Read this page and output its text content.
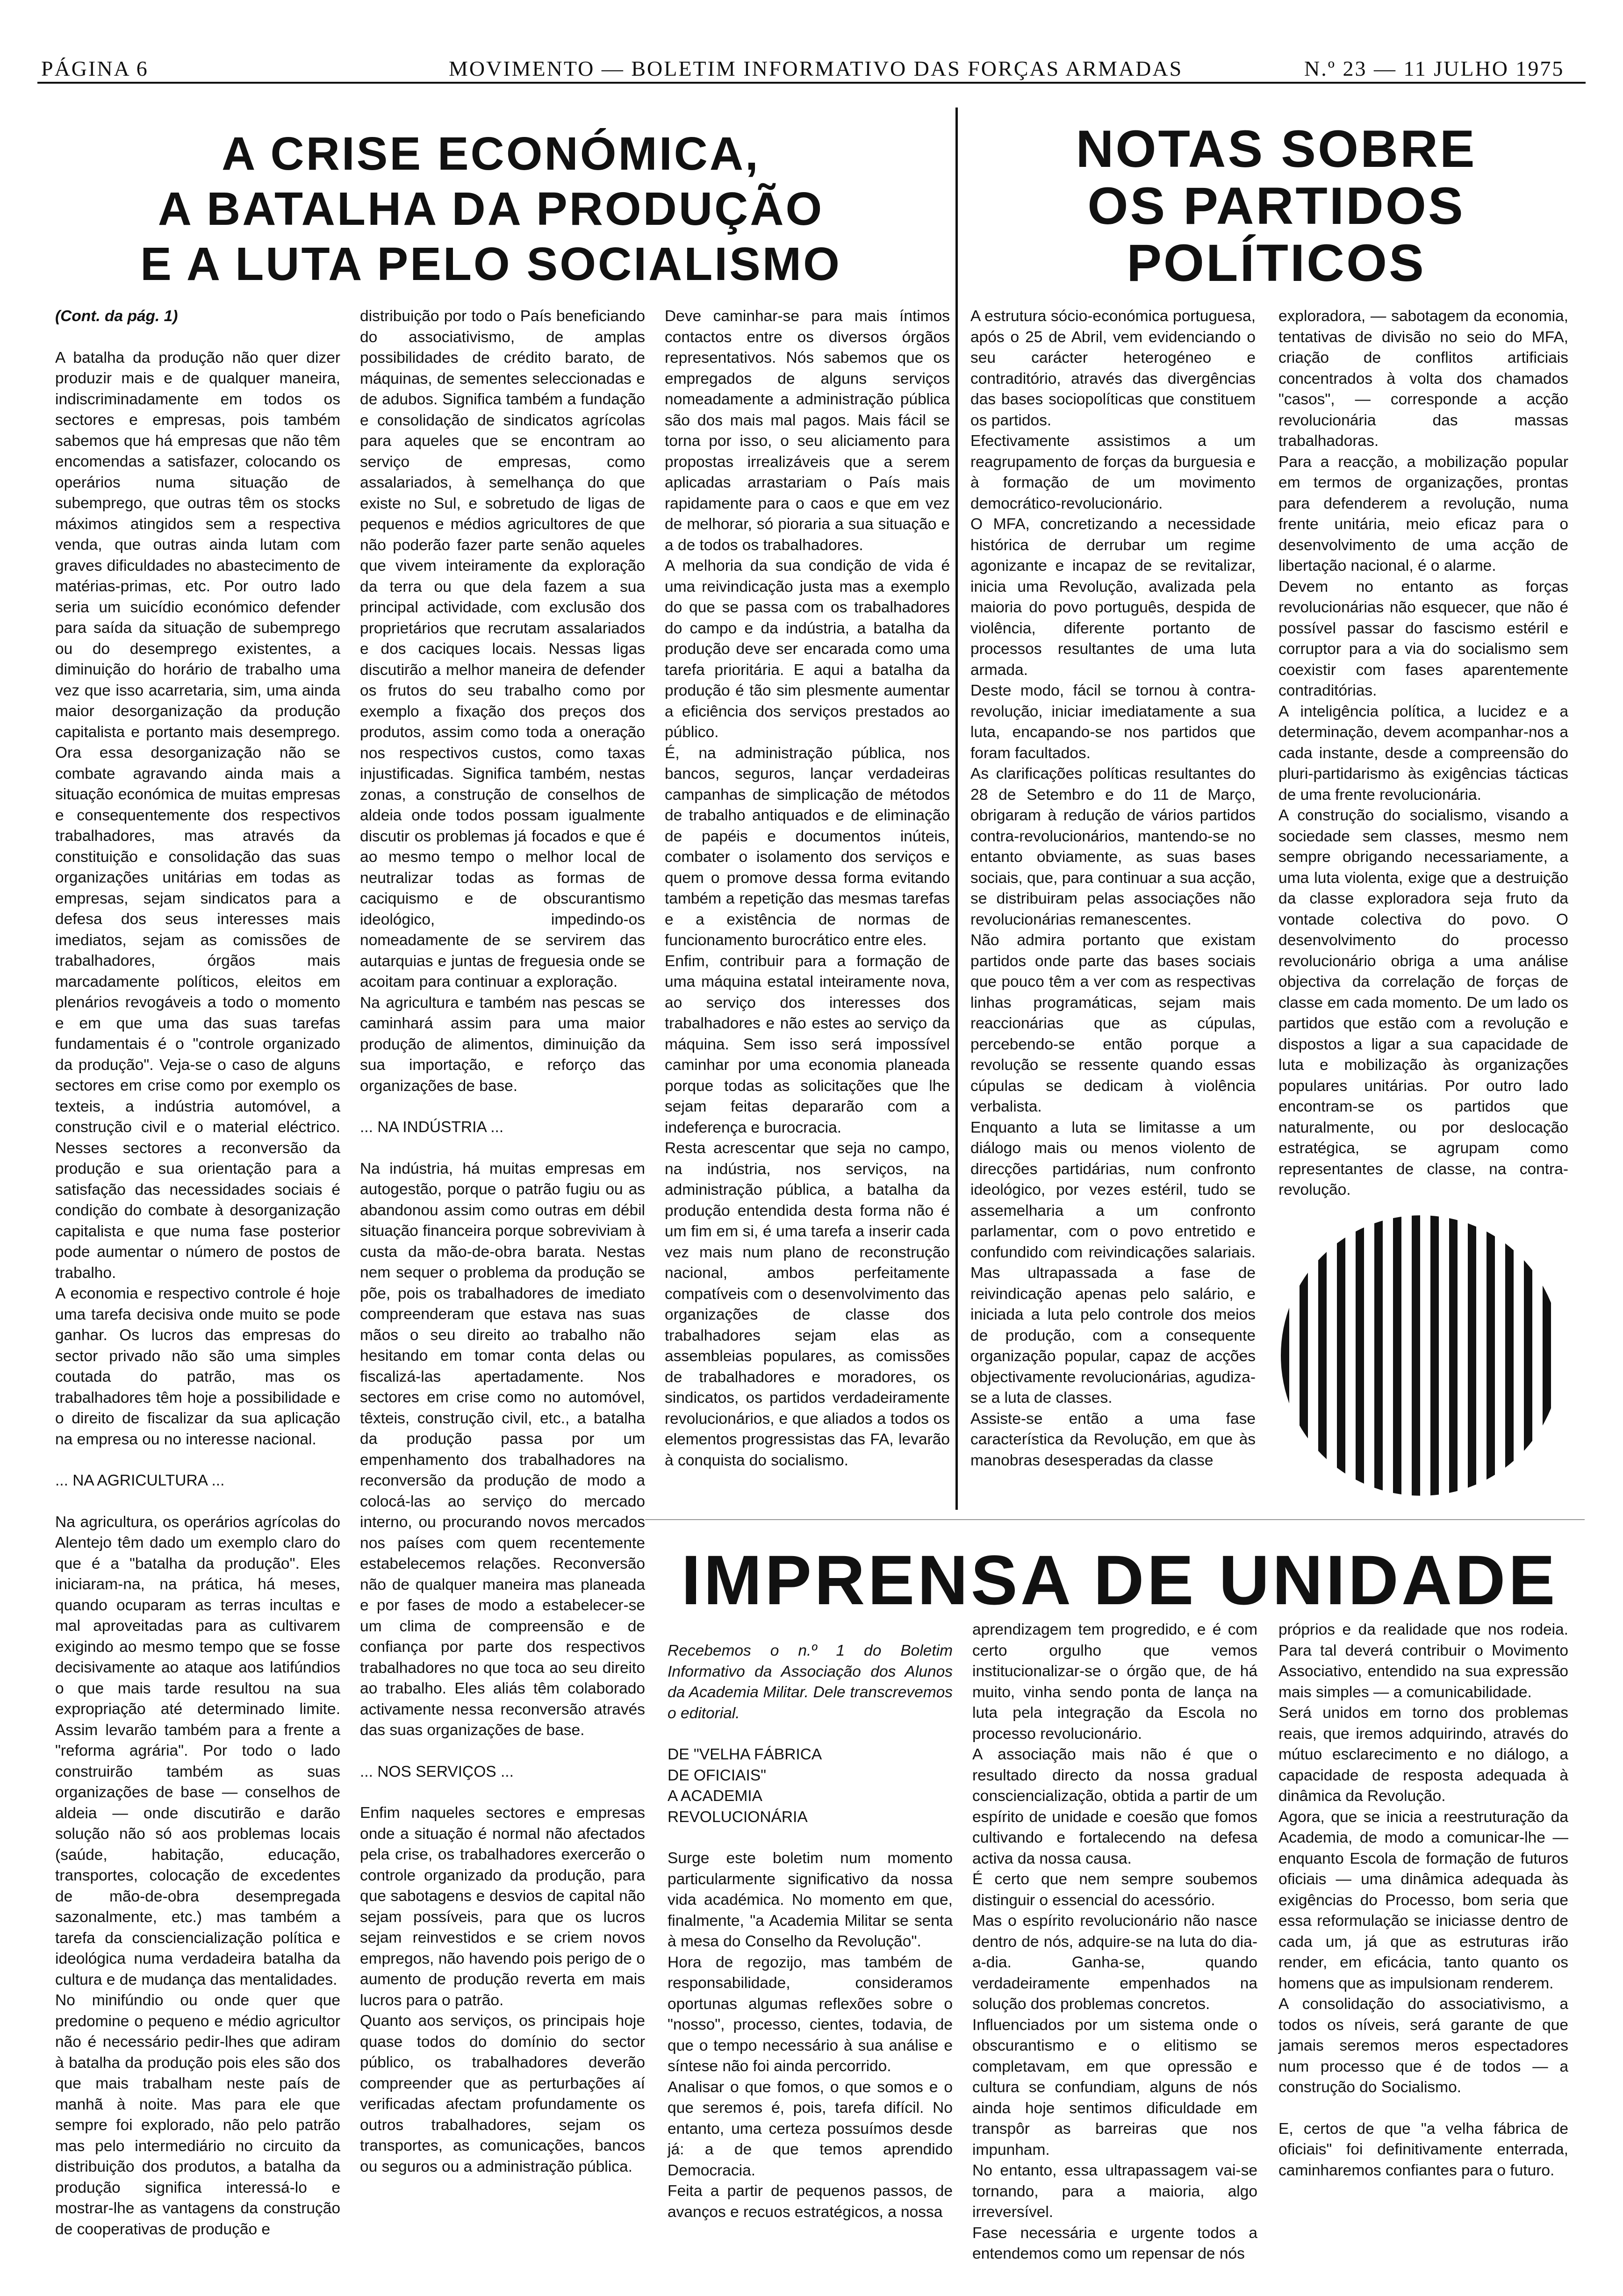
PÁGINA 6	MOVIMENTO — BOLETIM INFORMATIVO DAS FORÇAS ARMADAS	N.º 23 — 11 JULHO 1975
A CRISE ECONÓMICA,
A BATALHA DA PRODUÇÃO
E A LUTA PELO SOCIALISMO

(Cont. da pág. 1)

A batalha da produção não quer dizer produzir mais e de qualquer maneira, indiscriminadamente em todos os sectores e empresas, pois também sabemos que há empresas que não têm encomendas a satisfazer, colocando os operários numa situação de subemprego, que outras têm os stocks máximos atingidos sem a respectiva venda, que outras ainda lutam com graves dificuldades no abastecimento de matérias-primas, etc. Por outro lado seria um suicídio económico defender para saída da situação de subemprego ou do desemprego existentes, a diminuição do horário de trabalho uma vez que isso acarretaria, sim, uma ainda maior desorganização da produção capitalista e portanto mais desemprego. Ora essa desorganização não se combate agravando ainda mais a situação económica de muitas empresas e consequentemente dos respectivos trabalhadores, mas através da constituição e consolidação das suas organizações unitárias em todas as empresas, sejam sindicatos para a defesa dos seus interesses mais imediatos, sejam as comissões de trabalhadores, órgãos mais marcadamente políticos, eleitos em plenários revogáveis a todo o momento e em que uma das suas tarefas fundamentais é o "controle organizado da produção". Veja-se o caso de alguns sectores em crise como por exemplo os texteis, a indústria automóvel, a construção civil e o material eléctrico. Nesses sectores a reconversão da produção e sua orientação para a satisfação das necessidades sociais é condição do combate à desorganização capitalista e que numa fase posterior pode aumentar o número de postos de trabalho.

A economia e respectivo controle é hoje uma tarefa decisiva onde muito se pode ganhar. Os lucros das empresas do sector privado não são uma simples coutada do patrão, mas os trabalhadores têm hoje a possibilidade e o direito de fiscalizar da sua aplicação na empresa ou no interesse nacional.

... NA AGRICULTURA ...

Na agricultura, os operários agrícolas do Alentejo têm dado um exemplo claro do que é a "batalha da produção". Eles iniciaram-na, na prática, há meses, quando ocuparam as terras incultas e mal aproveitadas para as cultivarem exigindo ao mesmo tempo que se fosse decisivamente ao ataque aos latifúndios o que mais tarde resultou na sua expropriação até determinado limite. Assim levarão também para a frente a "reforma agrária". Por todo o lado construirão também as suas organizações de base — conselhos de aldeia — onde discutirão e darão solução não só aos problemas locais (saúde, habitação, educação, transportes, colocação de excedentes de mão-de-obra desempregada sazonalmente, etc.) mas também a tarefa da consciencialização política e ideológica numa verdadeira batalha da cultura e de mudança das mentalidades.

No minifúndio ou onde quer que predomine o pequeno e médio agricultor não é necessário pedir-lhes que adiram à batalha da produção pois eles são dos que mais trabalham neste país de manhã à noite. Mas para ele que sempre foi explorado, não pelo patrão mas pelo intermediário no circuito da distribuição dos produtos, a batalha da produção significa interessá-lo e mostrar-lhe as vantagens da construção de cooperativas de produção e

distribuição por todo o País beneficiando do associativismo, de amplas possibilidades de crédito barato, de máquinas, de sementes seleccionadas e de adubos. Significa também a fundação e consolidação de sindicatos agrícolas para aqueles que se encontram ao serviço de empresas, como assalariados, à semelhança do que existe no Sul, e sobretudo de ligas de pequenos e médios agricultores de que não poderão fazer parte senão aqueles que vivem inteiramente da exploração da terra ou que dela fazem a sua principal actividade, com exclusão dos proprietários que recrutam assalariados e dos caciques locais. Nessas ligas discutirão a melhor maneira de defender os frutos do seu trabalho como por exemplo a fixação dos preços dos produtos, assim como toda a oneração nos respectivos custos, como taxas injustificadas. Significa também, nestas zonas, a construção de conselhos de aldeia onde todos possam igualmente discutir os problemas já focados e que é ao mesmo tempo o melhor local de neutralizar todas as formas de caciquismo e de obscurantismo ideológico, impedindo-os nomeadamente de se servirem das autarquias e juntas de freguesia onde se acoitam para continuar a exploração.

Na agricultura e também nas pescas se caminhará assim para uma maior produção de alimentos, diminuição da sua importação, e reforço das organizações de base.

... NA INDÚSTRIA ...

Na indústria, há muitas empresas em autogestão, porque o patrão fugiu ou as abandonou assim como outras em débil situação financeira porque sobreviviam à custa da mão-de-obra barata. Nestas nem sequer o problema da produção se põe, pois os trabalhadores de imediato compreenderam que estava nas suas mãos o seu direito ao trabalho não hesitando em tomar conta delas ou fiscalizá-las apertadamente. Nos sectores em crise como no automóvel, têxteis, construção civil, etc., a batalha da produção passa por um empenhamento dos trabalhadores na reconversão da produção de modo a colocá-las ao serviço do mercado interno, ou procurando novos mercados nos países com quem recentemente estabelecemos relações. Reconversão não de qualquer maneira mas planeada e por fases de modo a estabelecer-se um clima de compreensão e de confiança por parte dos respectivos trabalhadores no que toca ao seu direito ao trabalho. Eles aliás têm colaborado activamente nessa reconversão através das suas organizações de base.

... NOS SERVIÇOS ...

Enfim naqueles sectores e empresas onde a situação é normal não afectados pela crise, os trabalhadores exercerão o controle organizado da produção, para que sabotagens e desvios de capital não sejam possíveis, para que os lucros sejam reinvestidos e se criem novos empregos, não havendo pois perigo de o aumento de produção reverta em mais lucros para o patrão.

Quanto aos serviços, os principais hoje quase todos do domínio do sector público, os trabalhadores deverão compreender que as perturbações aí verificadas afectam profundamente os outros trabalhadores, sejam os transportes, as comunicações, bancos ou seguros ou a administração pública.

Deve caminhar-se para mais íntimos contactos entre os diversos órgãos representativos. Nós sabemos que os empregados de alguns serviços nomeadamente a administração pública são dos mais mal pagos. Mais fácil se torna por isso, o seu aliciamento para propostas irrealizáveis que a serem aplicadas arrastariam o País mais rapidamente para o caos e que em vez de melhorar, só pioraria a sua situação e a de todos os trabalhadores.

A melhoria da sua condição de vida é uma reivindicação justa mas a exemplo do que se passa com os trabalhadores do campo e da indústria, a batalha da produção deve ser encarada como uma tarefa prioritária. E aqui a batalha da produção é tão sim plesmente aumentar a eficiência dos serviços prestados ao público.

É, na administração pública, nos bancos, seguros, lançar verdadeiras campanhas de simplicação de métodos de trabalho antiquados e de eliminação de papéis e documentos inúteis, combater o isolamento dos serviços e quem o promove dessa forma evitando também a repetição das mesmas tarefas e a existência de normas de funcionamento burocrático entre eles.

Enfim, contribuir para a formação de uma máquina estatal inteiramente nova, ao serviço dos interesses dos trabalhadores e não estes ao serviço da máquina. Sem isso será impossível caminhar por uma economia planeada porque todas as solicitações que lhe sejam feitas depararão com a indeferença e burocracia.

Resta acrescentar que seja no campo, na indústria, nos serviços, na administração pública, a batalha da produção entendida desta forma não é um fim em si, é uma tarefa a inserir cada vez mais num plano de reconstrução nacional, ambos perfeitamente compatíveis com o desenvolvimento das organizações de classe dos trabalhadores sejam elas as assembleias populares, as comissões de trabalhadores e moradores, os sindicatos, os partidos verdadeiramente revolucionários, e que aliados a todos os elementos progressistas das FA, levarão à conquista do socialismo.

NOTAS SOBRE
OS PARTIDOS
POLÍTICOS

A estrutura sócio-económica portuguesa, após o 25 de Abril, vem evidenciando o seu carácter heterogéneo e contraditório, através das divergências das bases sociopolíticas que constituem os partidos.

Efectivamente assistimos a um reagrupamento de forças da burguesia e à formação de um movimento democrático-revolucionário.

O MFA, concretizando a necessidade histórica de derrubar um regime agonizante e incapaz de se revitalizar, inicia uma Revolução, avalizada pela maioria do povo português, despida de violência, diferente portanto de processos resultantes de uma luta armada.

Deste modo, fácil se tornou à contra-revolução, iniciar imediatamente a sua luta, encapando-se nos partidos que foram facultados.

As clarificações políticas resultantes do 28 de Setembro e do 11 de Março, obrigaram à redução de vários partidos contra-revolucionários, mantendo-se no entanto obviamente, as suas bases sociais, que, para continuar a sua acção, se distribuiram pelas associações não revolucionárias remanescentes.

Não admira portanto que existam partidos onde parte das bases sociais que pouco têm a ver com as respectivas linhas programáticas, sejam mais reaccionárias que as cúpulas, percebendo-se então porque a revolução se ressente quando essas cúpulas se dedicam à violência verbalista.

Enquanto a luta se limitasse a um diálogo mais ou menos violento de direcções partidárias, num confronto ideológico, por vezes estéril, tudo se assemelharia a um confronto parlamentar, com o povo entretido e confundido com reivindicações salariais. Mas ultrapassada a fase de reivindicação apenas pelo salário, e iniciada a luta pelo controle dos meios de produção, com a consequente organização popular, capaz de acções objectivamente revolucionárias, agudiza-se a luta de classes.

Assiste-se então a uma fase característica da Revolução, em que às manobras desesperadas da classe

exploradora, — sabotagem da economia, tentativas de divisão no seio do MFA, criação de conflitos artificiais concentrados à volta dos chamados "casos", — corresponde a acção revolucionária das massas trabalhadoras.

Para a reacção, a mobilização popular em termos de organizações, prontas para defenderem a revolução, numa frente unitária, meio eficaz para o desenvolvimento de uma acção de libertação nacional, é o alarme.

Devem no entanto as forças revolucionárias não esquecer, que não é possível passar do fascismo estéril e corruptor para a via do socialismo sem coexistir com fases aparentemente contraditórias.

A inteligência política, a lucidez e a determinação, devem acompanhar-nos a cada instante, desde a compreensão do pluri-partidarismo às exigências tácticas de uma frente revolucionária.

A construção do socialismo, visando a sociedade sem classes, mesmo nem sempre obrigando necessariamente, a uma luta violenta, exige que a destruição da classe exploradora seja fruto da vontade colectiva do povo. O desenvolvimento do processo revolucionário obriga a uma análise objectiva da correlação de forças de classe em cada momento. De um lado os partidos que estão com a revolução e dispostos a ligar a sua capacidade de luta e mobilização às organizações populares unitárias. Por outro lado encontram-se os partidos que naturalmente, ou por deslocação estratégica, se agrupam como representantes de classe, na contra-revolução.

IMPRENSA DE UNIDADE

Recebemos o n.º 1 do Boletim Informativo da Associação dos Alunos da Academia Militar. Dele transcrevemos o editorial.

DE "VELHA FÁBRICA
DE OFICIAIS"
A ACADEMIA
REVOLUCIONÁRIA

Surge este boletim num momento particularmente significativo da nossa vida académica. No momento em que, finalmente, "a Academia Militar se senta à mesa do Conselho da Revolução".

Hora de regozijo, mas também de responsabilidade, consideramos oportunas algumas reflexões sobre o "nosso", processo, cientes, todavia, de que o tempo necessário à sua análise e síntese não foi ainda percorrido.

Analisar o que fomos, o que somos e o que seremos é, pois, tarefa difícil. No entanto, uma certeza possuímos desde já: a de que temos aprendido Democracia.

Feita a partir de pequenos passos, de avanços e recuos estratégicos, a nossa

aprendizagem tem progredido, e é com certo orgulho que vemos institucionalizar-se o órgão que, de há muito, vinha sendo ponta de lança na luta pela integração da Escola no processo revolucionário.

A associação mais não é que o resultado directo da nossa gradual consciencialização, obtida a partir de um espírito de unidade e coesão que fomos cultivando e fortalecendo na defesa activa da nossa causa.

É certo que nem sempre soubemos distinguir o essencial do acessório.

Mas o espírito revolucionário não nasce dentro de nós, adquire-se na luta do dia-a-dia. Ganha-se, quando verdadeiramente empenhados na solução dos problemas concretos.

Influenciados por um sistema onde o obscurantismo e o elitismo se completavam, em que opressão e cultura se confundiam, alguns de nós ainda hoje sentimos dificuldade em transpôr as barreiras que nos impunham.

No entanto, essa ultrapassagem vai-se tornando, para a maioria, algo irreversível.

Fase necessária e urgente todos a entendemos como um repensar de nós

próprios e da realidade que nos rodeia. Para tal deverá contribuir o Movimento Associativo, entendido na sua expressão mais simples — a comunicabilidade.

Será unidos em torno dos problemas reais, que iremos adquirindo, através do mútuo esclarecimento e no diálogo, a capacidade de resposta adequada à dinâmica da Revolução.

Agora, que se inicia a reestruturação da Academia, de modo a comunicar-lhe — enquanto Escola de formação de futuros oficiais — uma dinâmica adequada às exigências do Processo, bom seria que essa reformulação se iniciasse dentro de cada um, já que as estruturas irão render, em eficácia, tanto quanto os homens que as impulsionam renderem.

A consolidação do associativismo, a todos os níveis, será garante de que jamais seremos meros espectadores num processo que é de todos — a construção do Socialismo.

E, certos de que "a velha fábrica de oficiais" foi definitivamente enterrada, caminharemos confiantes para o futuro.
